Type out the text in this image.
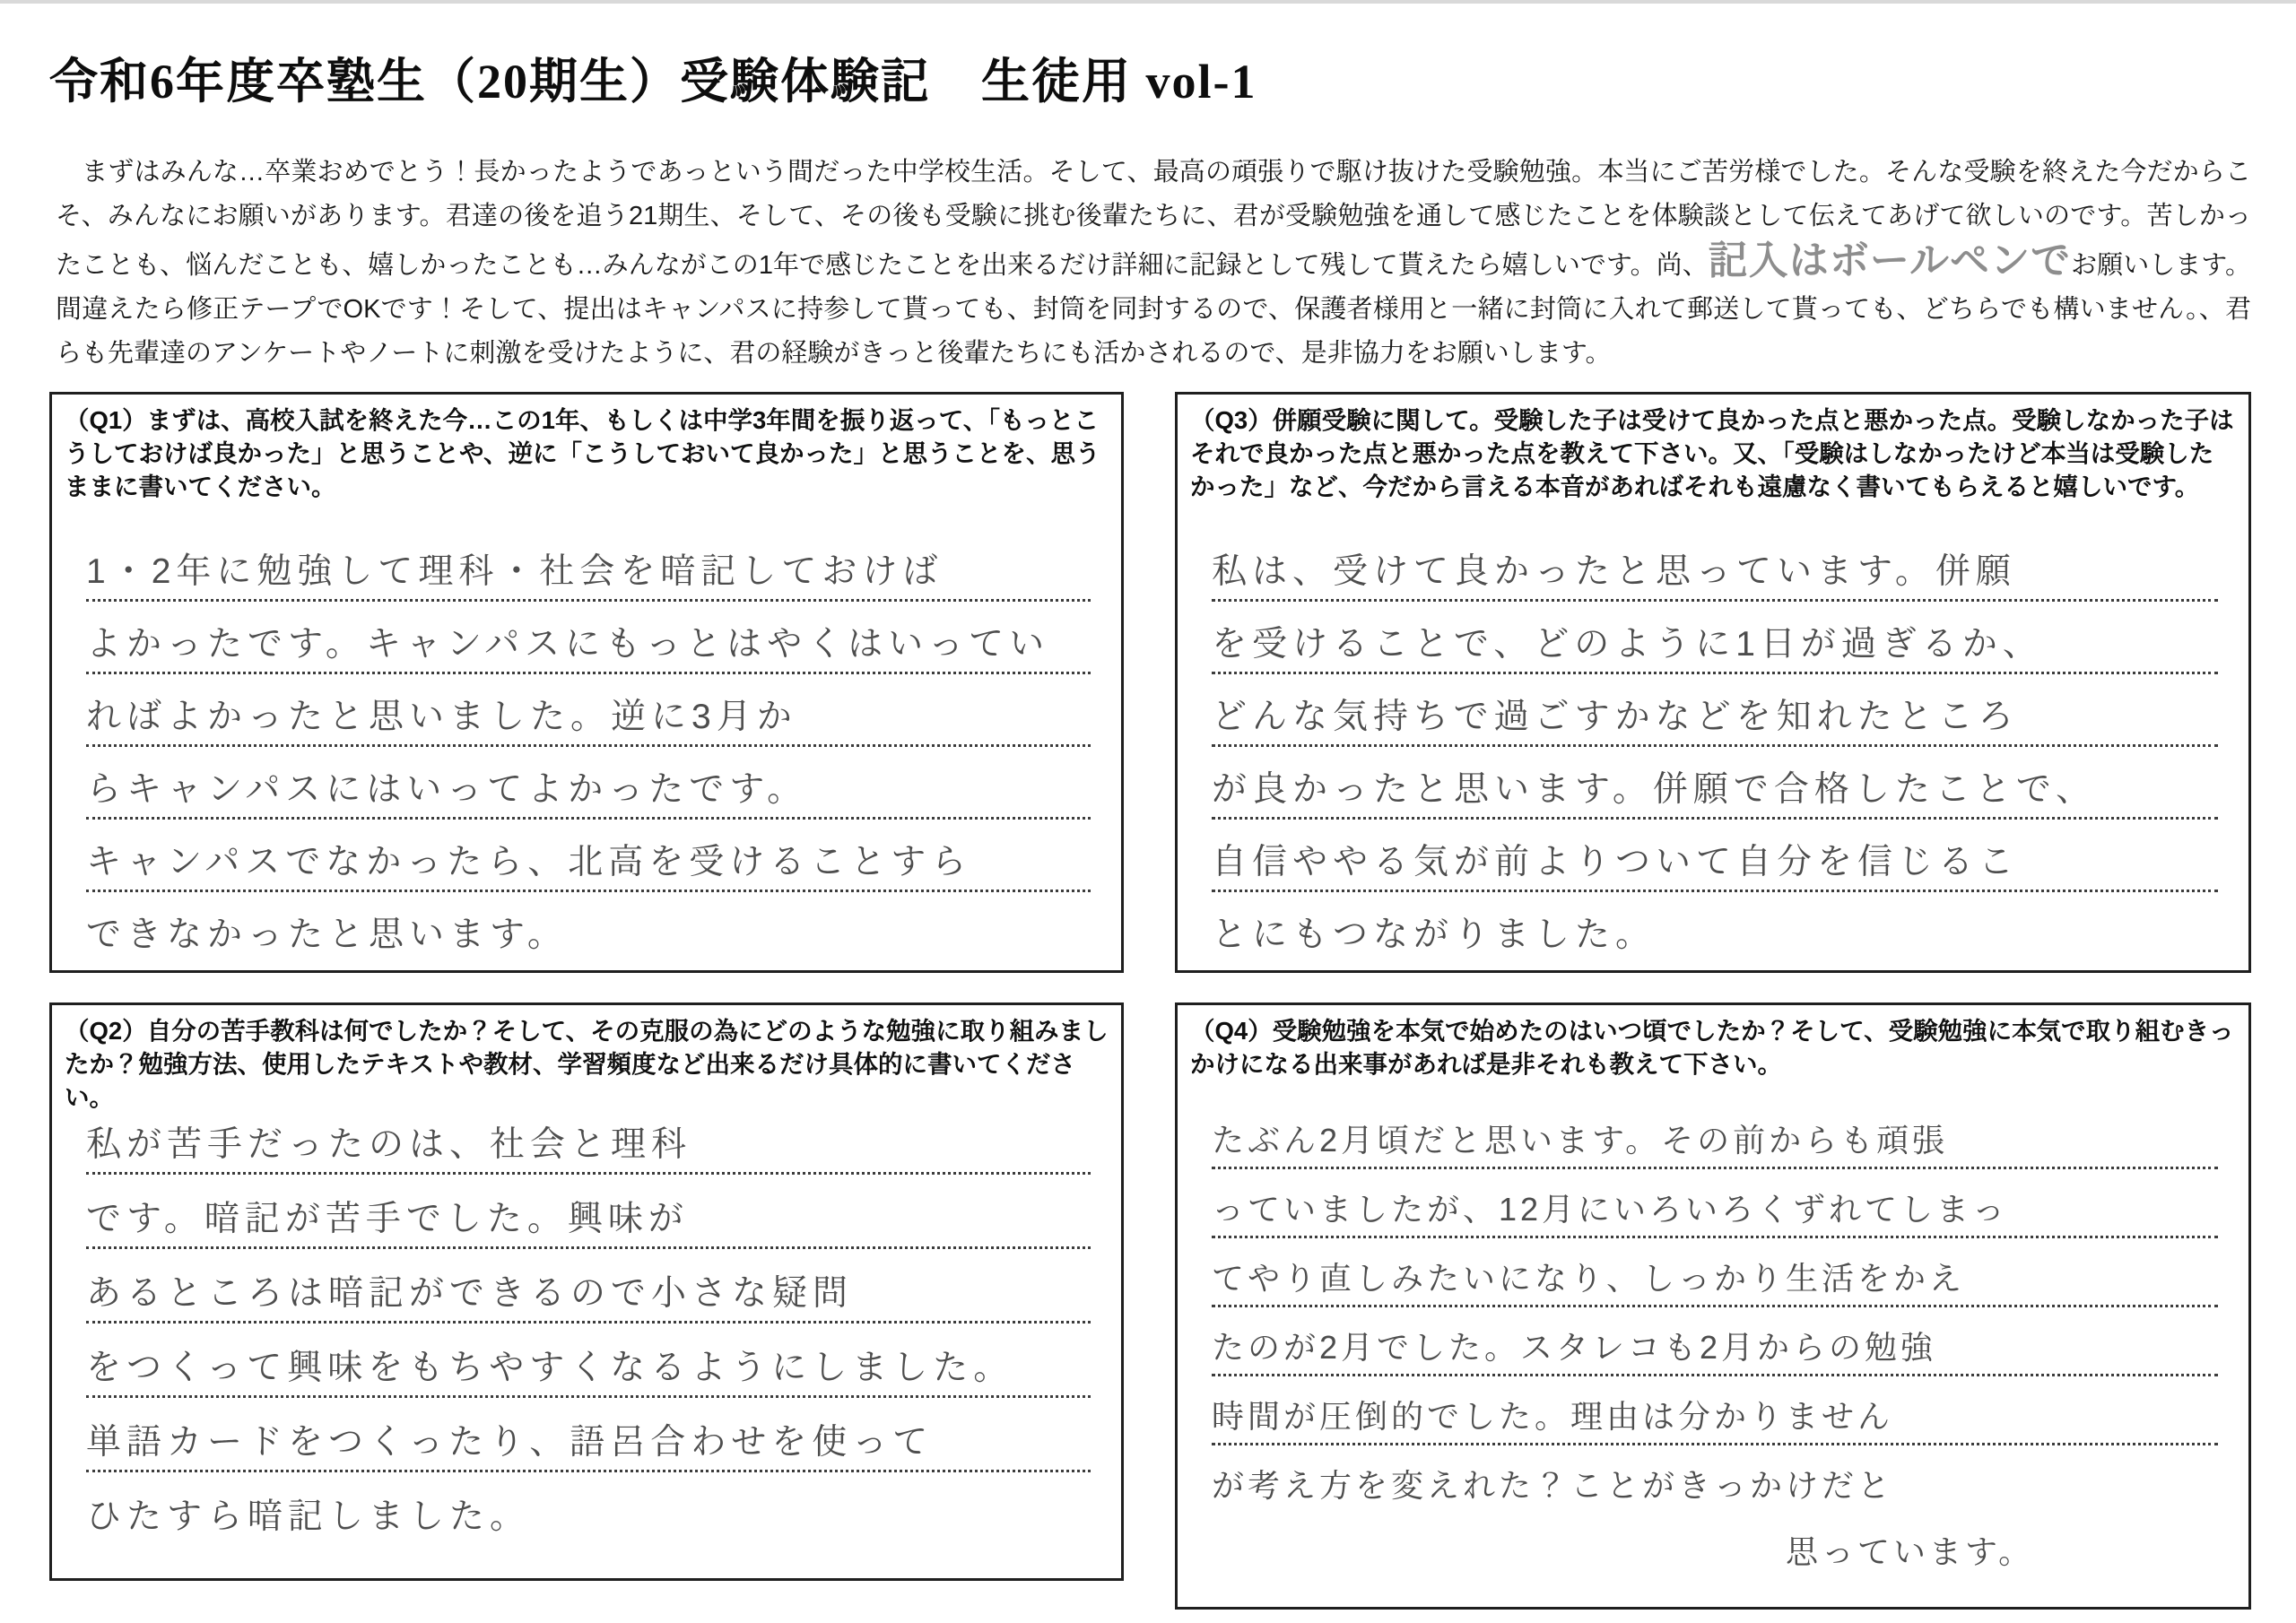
令和6年度卒塾生（20期生）受験体験記　生徒用 vol-1
　まずはみんな…卒業おめでとう！長かったようであっという間だった中学校生活。そして、最高の頑張りで駆け抜けた受験勉強。本当にご苦労様でした。そんな受験を終えた今だからこそ、みんなにお願いがあります。君達の後を追う21期生、そして、その後も受験に挑む後輩たちに、君が受験勉強を通して感じたことを体験談として伝えてあげて欲しいのです。苦しかったことも、悩んだことも、嬉しかったことも…みんながこの1年で感じたことを出来るだけ詳細に記録として残して貰えたら嬉しいです。尚、記入はボールペンでお願いします。間違えたら修正テープでOKです！そして、提出はキャンパスに持参して貰っても、封筒を同封するので、保護者様用と一緒に封筒に入れて郵送して貰っても、どちらでも構いません。、君らも先輩達のアンケートやノートに刺激を受けたように、君の経験がきっと後輩たちにも活かされるので、是非協力をお願いします。
（Q1）まずは、高校入試を終えた今…この1年、もしくは中学3年間を振り返って、「もっとこうしておけば良かった」と思うことや、逆に「こうしておいて良かった」と思うことを、思うままに書いてください。
1・2年に勉強して理科・社会を暗記しておけば
よかったです。キャンパスにもっとはやくはいってい
ればよかったと思いました。逆に3月か
らキャンパスにはいってよかったです。
キャンパスでなかったら、北高を受けることすら
できなかったと思います。
（Q3）併願受験に関して。受験した子は受けて良かった点と悪かった点。受験しなかった子はそれで良かった点と悪かった点を教えて下さい。又、「受験はしなかったけど本当は受験したかった」など、今だから言える本音があればそれも遠慮なく書いてもらえると嬉しいです。
私は、受けて良かったと思っています。併願
を受けることで、どのように1日が過ぎるか、
どんな気持ちで過ごすかなどを知れたところ
が良かったと思います。併願で合格したことで、
自信ややる気が前よりついて自分を信じるこ
とにもつながりました。
（Q2）自分の苦手教科は何でしたか？そして、その克服の為にどのような勉強に取り組みましたか？勉強方法、使用したテキストや教材、学習頻度など出来るだけ具体的に書いてください。
私が苦手だったのは、社会と理科
です。暗記が苦手でした。興味が
あるところは暗記ができるので小さな疑問
をつくって興味をもちやすくなるようにしました。
単語カードをつくったり、語呂合わせを使って
ひたすら暗記しました。
（Q4）受験勉強を本気で始めたのはいつ頃でしたか？そして、受験勉強に本気で取り組むきっかけになる出来事があれば是非それも教えて下さい。
たぶん2月頃だと思います。その前からも頑張
っていましたが、12月にいろいろくずれてしまっ
てやり直しみたいになり、しっかり生活をかえ
たのが2月でした。スタレコも2月からの勉強
時間が圧倒的でした。理由は分かりません
が考え方を変えれた？ことがきっかけだと
思っています。
